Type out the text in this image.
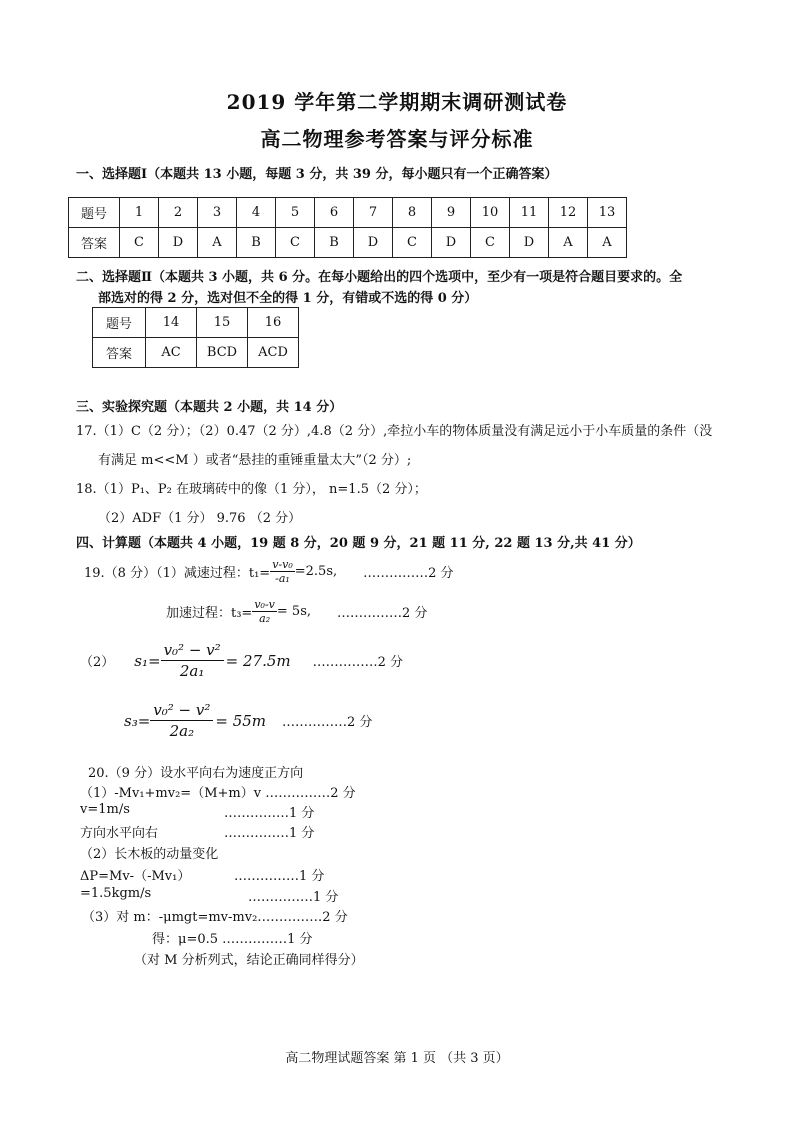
2019 学年第二学期期末调研测试卷
高二物理参考答案与评分标准
一、选择题Ⅰ（本题共 13 小题，每题 3 分，共 39 分，每小题只有一个正确答案）
题号	1	2	3	4	5	6	7	8	9	10	11	12	13
答案	C	D	A	B	C	B	D	C	D	C	D	A	A
二、选择题Ⅱ（本题共 3 小题，共 6 分。在每小题给出的四个选项中，至少有一项是符合题目要求的。全
部选对的得 2 分，选对但不全的得 1 分，有错或不选的得 0 分）
题号	14	15	16
答案	AC	BCD	ACD
三、实验探究题（本题共 2 小题，共 14 分）
17.（1）C（2 分）；（2）0.47（2 分）,4.8（2 分）,牵拉小车的物体质量没有满足远小于小车质量的条件（没
有满足 m<<M ）或者“悬挂的重锤重量太大”（2 分）;
18.（1）P₁、P₂ 在玻璃砖中的像（1 分）， n=1.5（2 分）；
（2）ADF（1 分） 9.76 （2 分）
四、计算题（本题共 4 小题，19 题 8 分，20 题 9 分，21 题 11 分, 22 题 13 分,共 41 分）
19.（8 分）（1）减速过程：$t_1= \frac{\text{v-v₀}}{\text{-a₁}} =2.5s$, ……………2 分
加速过程：$t_3= \frac{\text{v₀-v}}{\text{a₂}} = 5s$, ……………2 分
（2） $s_1= \frac{\text{v₀² − v²}}{\text{2a₁}} = 27.5m$ ……………2 分
$s_3= \frac{\text{v₀² − v²}}{\text{2a₂}} = 55m$ ……………2 分
20.（9 分）设水平向右为速度正方向
（1）-Mv₁+mv₂=（M+m）v ……………2 分
v=1m/s	……………1 分
方向水平向右	……………1 分
（2）长木板的动量变化
ΔP=Mv-（-Mv₁）	……………1 分
=1.5kgm/s	……………1 分
（3）对 m：-μmgt=mv-mv₂……………2 分
得：μ=0.5 ……………1 分
（对 M 分析列式，结论正确同样得分）
高二物理试题答案 第 1 页 （共 3 页）
